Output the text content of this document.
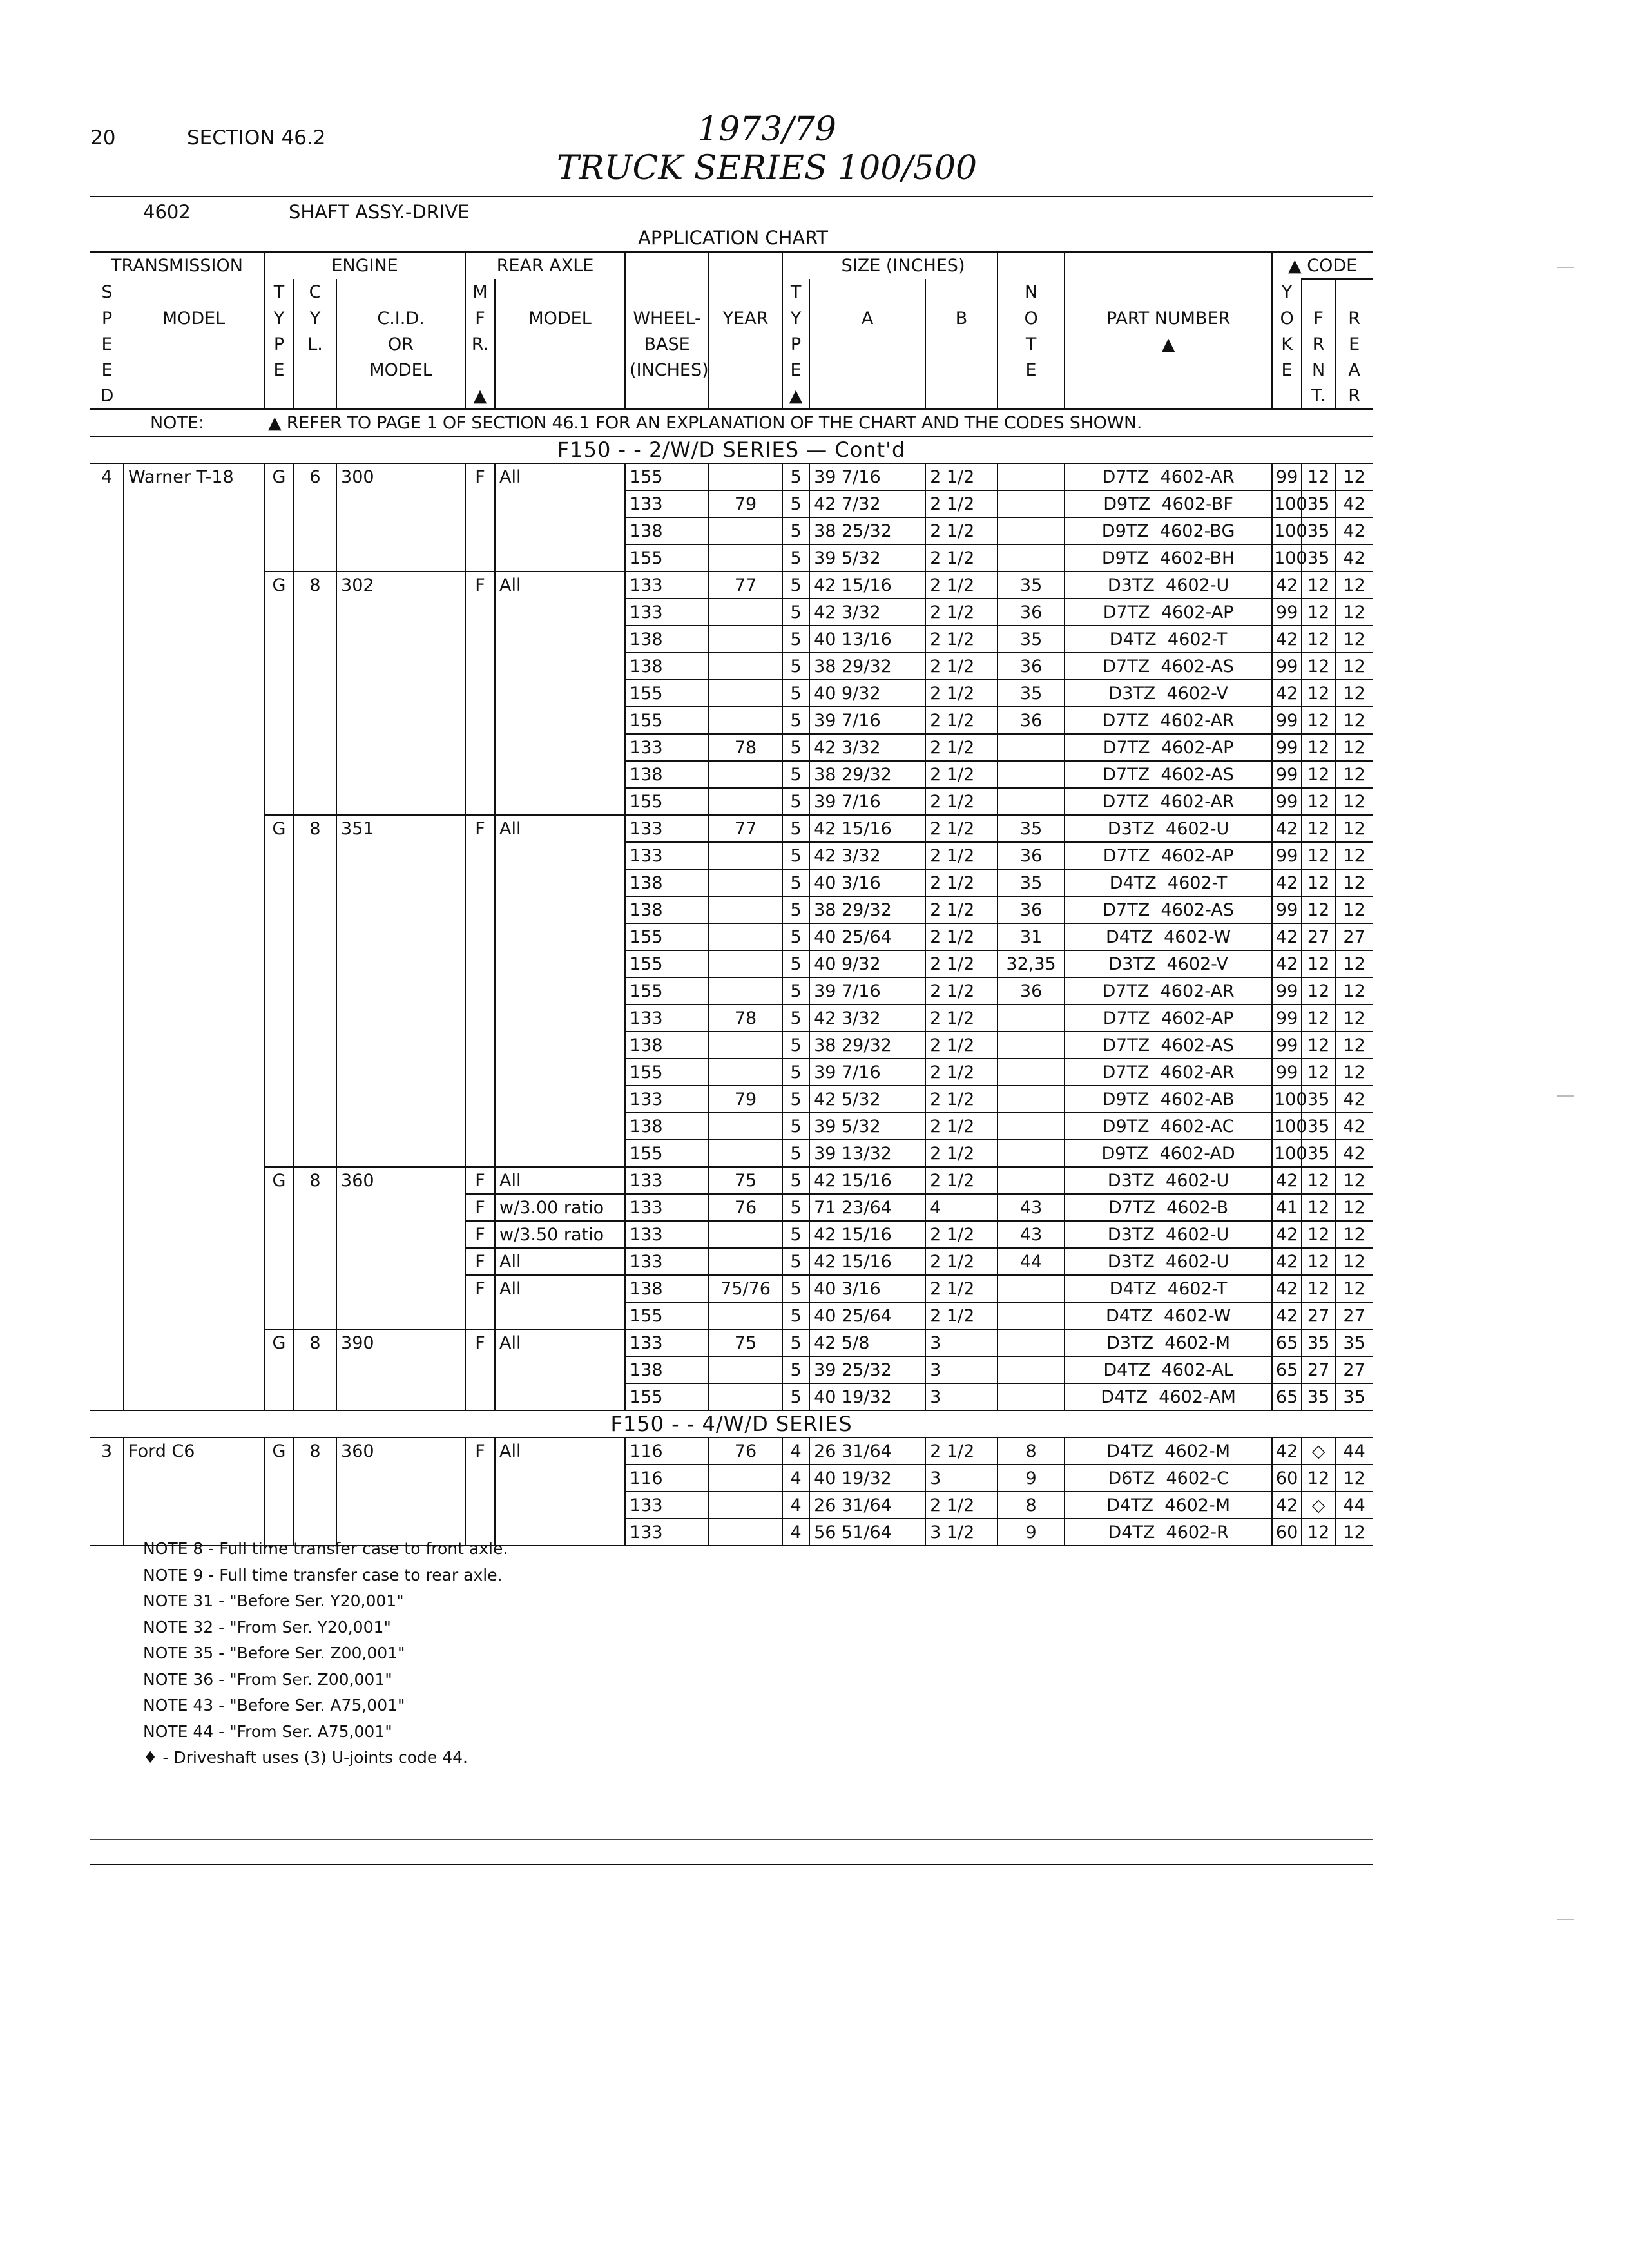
20	SECTION 46.2	1973/79
TRUCK SERIES 100/500
4602	SHAFT ASSY.-DRIVE
APPLICATION CHART
TRANSMISSION		ENGINE			REAR AXLE					SIZE (INCHES)				▲ CODE		
S		T	C		M				T			N		Y		
P	MODEL	Y	Y	C.I.D.	F	MODEL	WHEEL-	YEAR	Y	A	B	O	PART NUMBER	O	F	R
E		P	L.	OR	R.		BASE		P			T	▲	K	R	E
E		E		MODEL			(INCHES)		E			E		E	N	A
D					▲				▲						T.	R
NOTE:		▲ REFER TO PAGE 1 OF SECTION 46.1 FOR AN EXPLANATION OF THE CHART AND THE CODES SHOWN.														
F150 - - 2/W/D SERIES — Cont'd																
4	Warner T-18	G	6	300	F	All	155		5	39 7/16	2 1/2		D7TZ  4602-AR	99	12	12
							133	79	5	42 7/32	2 1/2		D9TZ  4602-BF	100	35	42
							138		5	38 25/32	2 1/2		D9TZ  4602-BG	100	35	42
							155		5	39 5/32	2 1/2		D9TZ  4602-BH	100	35	42
		G	8	302	F	All	133	77	5	42 15/16	2 1/2	35	D3TZ  4602-U	42	12	12
							133		5	42 3/32	2 1/2	36	D7TZ  4602-AP	99	12	12
							138		5	40 13/16	2 1/2	35	D4TZ  4602-T	42	12	12
							138		5	38 29/32	2 1/2	36	D7TZ  4602-AS	99	12	12
							155		5	40 9/32	2 1/2	35	D3TZ  4602-V	42	12	12
							155		5	39 7/16	2 1/2	36	D7TZ  4602-AR	99	12	12
							133	78	5	42 3/32	2 1/2		D7TZ  4602-AP	99	12	12
							138		5	38 29/32	2 1/2		D7TZ  4602-AS	99	12	12
							155		5	39 7/16	2 1/2		D7TZ  4602-AR	99	12	12
		G	8	351	F	All	133	77	5	42 15/16	2 1/2	35	D3TZ  4602-U	42	12	12
							133		5	42 3/32	2 1/2	36	D7TZ  4602-AP	99	12	12
							138		5	40 3/16	2 1/2	35	D4TZ  4602-T	42	12	12
							138		5	38 29/32	2 1/2	36	D7TZ  4602-AS	99	12	12
							155		5	40 25/64	2 1/2	31	D4TZ  4602-W	42	27	27
							155		5	40 9/32	2 1/2	32,35	D3TZ  4602-V	42	12	12
							155		5	39 7/16	2 1/2	36	D7TZ  4602-AR	99	12	12
							133	78	5	42 3/32	2 1/2		D7TZ  4602-AP	99	12	12
							138		5	38 29/32	2 1/2		D7TZ  4602-AS	99	12	12
							155		5	39 7/16	2 1/2		D7TZ  4602-AR	99	12	12
							133	79	5	42 5/32	2 1/2		D9TZ  4602-AB	100	35	42
							138		5	39 5/32	2 1/2		D9TZ  4602-AC	100	35	42
							155		5	39 13/32	2 1/2		D9TZ  4602-AD	100	35	42
		G	8	360	F	All	133	75	5	42 15/16	2 1/2		D3TZ  4602-U	42	12	12
					F	w/3.00 ratio	133	76	5	71 23/64	4	43	D7TZ  4602-B	41	12	12
					F	w/3.50 ratio	133		5	42 15/16	2 1/2	43	D3TZ  4602-U	42	12	12
					F	All	133		5	42 15/16	2 1/2	44	D3TZ  4602-U	42	12	12
					F	All	138	75/76	5	40 3/16	2 1/2		D4TZ  4602-T	42	12	12
							155		5	40 25/64	2 1/2		D4TZ  4602-W	42	27	27
		G	8	390	F	All	133	75	5	42 5/8	3		D3TZ  4602-M	65	35	35
							138		5	39 25/32	3		D4TZ  4602-AL	65	27	27
							155		5	40 19/32	3		D4TZ  4602-AM	65	35	35
F150 - - 4/W/D SERIES																
3	Ford C6	G	8	360	F	All	116	76	4	26 31/64	2 1/2	8	D4TZ  4602-M	42	◇	44
							116		4	40 19/32	3	9	D6TZ  4602-C	60	12	12
							133		4	26 31/64	2 1/2	8	D4TZ  4602-M	42	◇	44
							133		4	56 51/64	3 1/2	9	D4TZ  4602-R	60	12	12
NOTE 8 - Full time transfer case to front axle.
NOTE 9 - Full time transfer case to rear axle.
NOTE 31 - "Before Ser. Y20,001"
NOTE 32 - "From Ser. Y20,001"
NOTE 35 - "Before Ser. Z00,001"
NOTE 36 - "From Ser. Z00,001"
NOTE 43 - "Before Ser. A75,001"
NOTE 44 - "From Ser. A75,001"
♦ - Driveshaft uses (3) U-joints code 44.
